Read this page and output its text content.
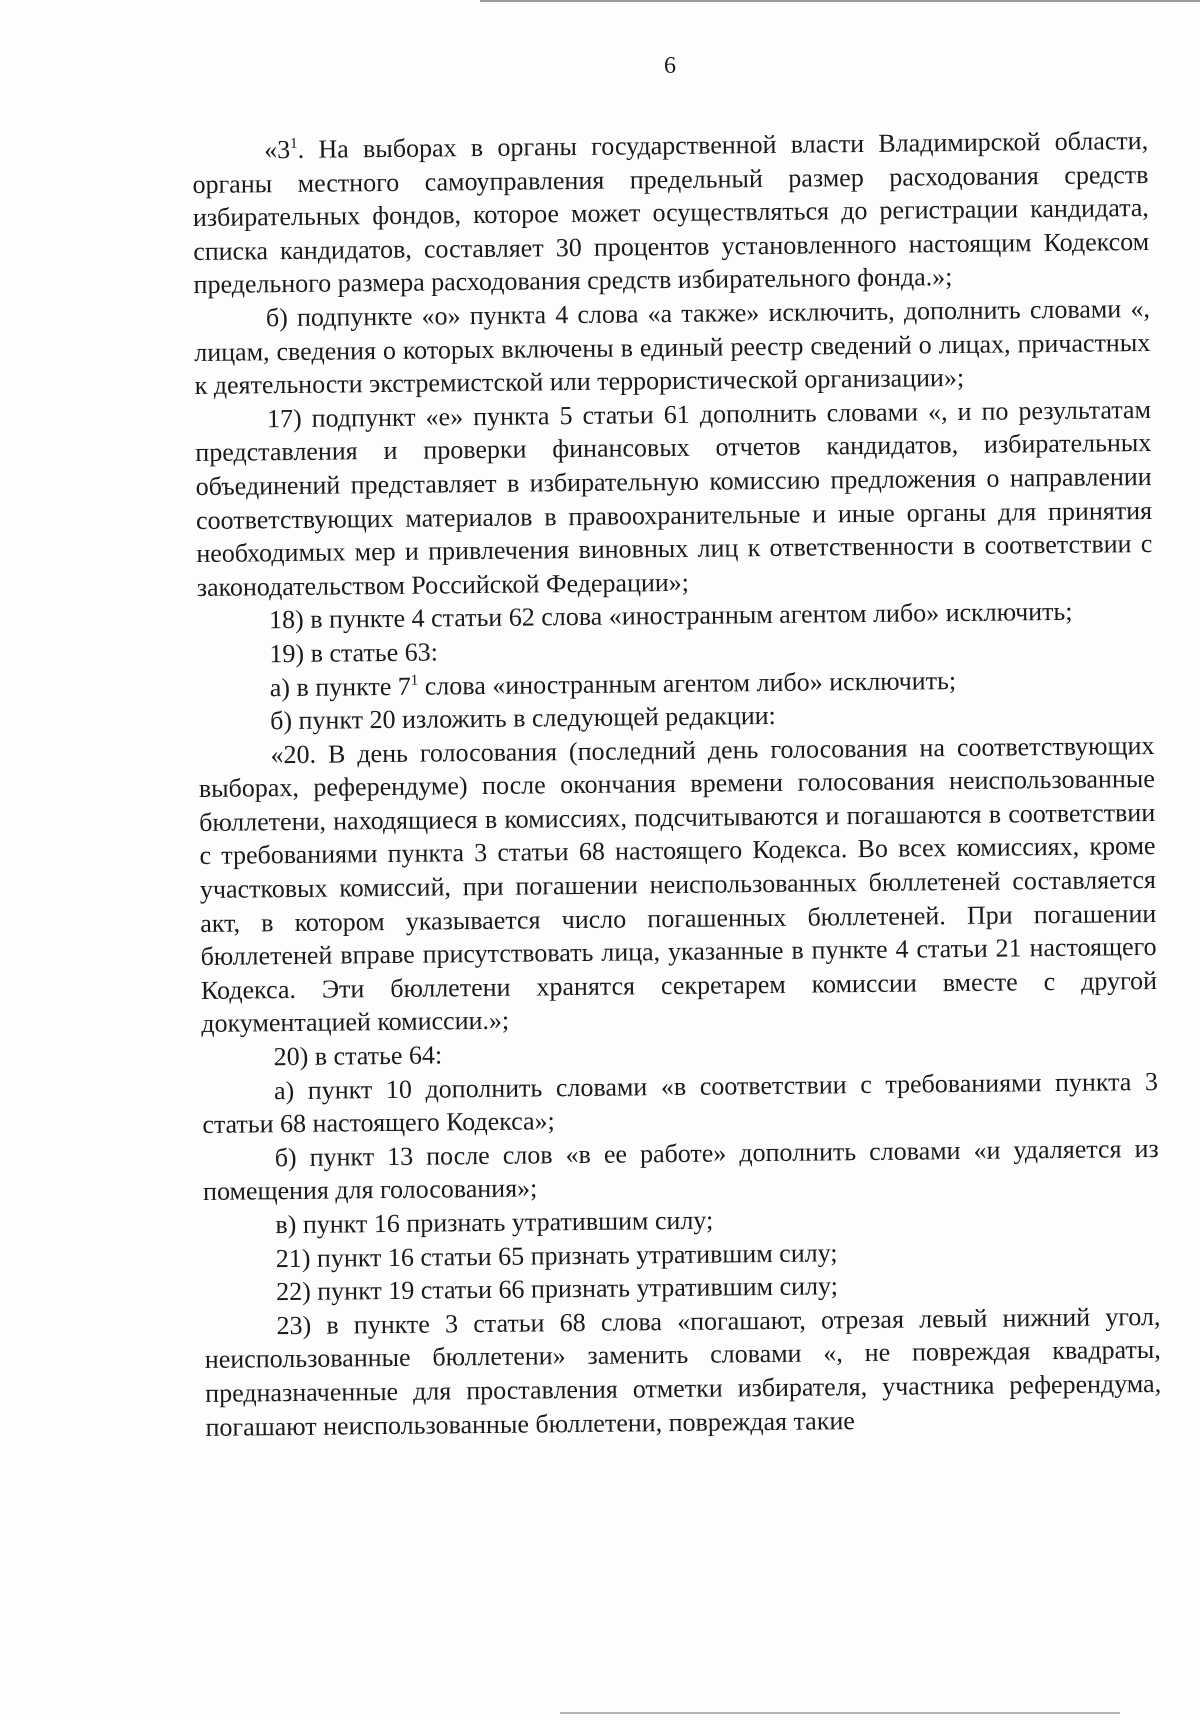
6

«$3^1$. На выборах в органы государственной власти Владимирской области, органы местного самоуправления предельный размер расходования средств избирательных фондов, которое может осуществляться до регистрации кандидата, списка кандидатов, составляет 30 процентов установленного настоящим Кодексом предельного размера расходования средств избирательного фонда.»;

б) подпункте «о» пункта 4 слова «а также» исключить, дополнить словами «, лицам, сведения о которых включены в единый реестр сведений о лицах, причастных к деятельности экстремистской или террористической организации»;

17) подпункт «е» пункта 5 статьи 61 дополнить словами «, и по результатам представления и проверки финансовых отчетов кандидатов, избирательных объединений представляет в избирательную комиссию предложения о направлении соответствующих материалов в правоохранительные и иные органы для принятия необходимых мер и привлечения виновных лиц к ответственности в соответствии с законодательством Российской Федерации»;

18) в пункте 4 статьи 62 слова «иностранным агентом либо» исключить;

19) в статье 63:

а) в пункте $7^1$ слова «иностранным агентом либо» исключить;

б) пункт 20 изложить в следующей редакции:

«20. В день голосования (последний день голосования на соответствующих выборах, референдуме) после окончания времени голосования неиспользованные бюллетени, находящиеся в комиссиях, подсчитываются и погашаются в соответствии с требованиями пункта 3 статьи 68 настоящего Кодекса. Во всех комиссиях, кроме участковых комиссий, при погашении неиспользованных бюллетеней составляется акт, в котором указывается число погашенных бюллетеней. При погашении бюллетеней вправе присутствовать лица, указанные в пункте 4 статьи 21 настоящего Кодекса. Эти бюллетени хранятся секретарем комиссии вместе с другой документацией комиссии.»;

20) в статье 64:

а) пункт 10 дополнить словами «в соответствии с требованиями пункта 3 статьи 68 настоящего Кодекса»;

б) пункт 13 после слов «в ее работе» дополнить словами «и удаляется из помещения для голосования»;

в) пункт 16 признать утратившим силу;

21) пункт 16 статьи 65 признать утратившим силу;

22) пункт 19 статьи 66 признать утратившим силу;

23) в пункте 3 статьи 68 слова «погашают, отрезая левый нижний угол, неиспользованные бюллетени» заменить словами «, не повреждая квадраты, предназначенные для проставления отметки избирателя, участника референдума, погашают неиспользованные бюллетени, повреждая такие
